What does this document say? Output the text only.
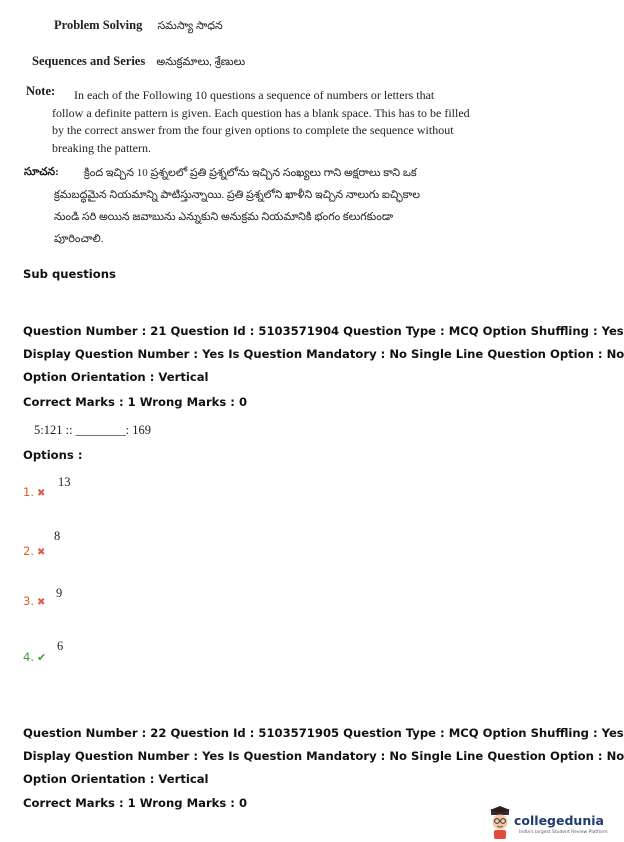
Problem Solving సమస్యా సాధన
Sequences and Series అనుక్రమాలు, శ్రేణులు
Note:	In each of the Following 10 questions a sequence of numbers or letters that
follow a definite pattern is given. Each question has a blank space. This has to be filled
by the correct answer from the four given options to complete the sequence without
breaking the pattern.
సూచన:	క్రింద ఇచ్చిన 10 ప్రశ్నలలో ప్రతి ప్రశ్నలోను ఇచ్చిన సంఖ్యలు గాని అక్షరాలు కాని ఒక
క్రమబద్ధమైన నియమాన్ని పాటిస్తున్నాయి. ప్రతి ప్రశ్నలోని ఖాళీని ఇచ్చిన నాలుగు ఐచ్ఛికాల
నుండి సరి అయిన జవాబును ఎన్నుకుని అనుక్రమ నియమానికి భంగం కలుగకుండా
పూరించాలి.
Sub questions
Question Number : 21 Question Id : 5103571904 Question Type : MCQ Option Shuffling : Yes
Display Question Number : Yes Is Question Mandatory : No Single Line Question Option : No
Option Orientation : Vertical
Correct Marks : 1 Wrong Marks : 0
5:121 :: ________: 169
Options :
1. ✖
13
2. ✖
8
3. ✖
9
4. ✔
6
Question Number : 22 Question Id : 5103571905 Question Type : MCQ Option Shuffling : Yes
Display Question Number : Yes Is Question Mandatory : No Single Line Question Option : No
Option Orientation : Vertical
Correct Marks : 1 Wrong Marks : 0
collegedunia
India's largest Student Review Platform
